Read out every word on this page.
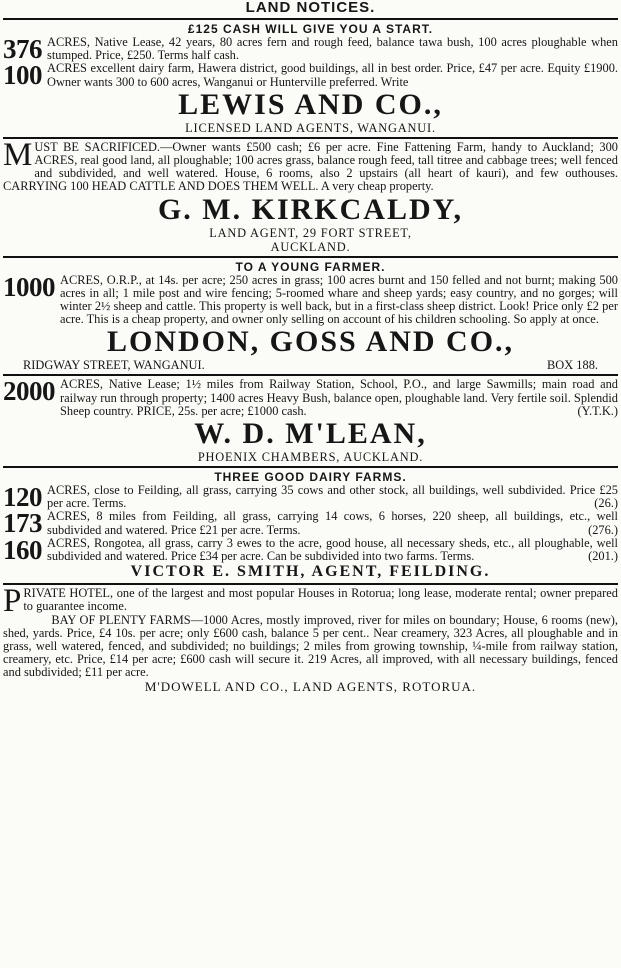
LAND NOTICES.
£125 CASH WILL GIVE YOU A START.
376 ACRES, Native Lease, 42 years, 80 acres fern and rough feed, balance tawa bush, 100 acres ploughable when stumped. Price, £250. Terms half cash.
100 ACRES excellent dairy farm, Hawera district, good buildings, all in best order. Price, £47 per acre. Equity £1900. Owner wants 300 to 600 acres, Wanganui or Hunterville preferred. Write
LEWIS AND CO.,
LICENSED LAND AGENTS, WANGANUI.
MUST BE SACRIFICED.—Owner wants £500 cash; £6 per acre. Fine Fattening Farm, handy to Auckland; 300 ACRES, real good land, all ploughable; 100 acres grass, balance rough feed, tall titree and cabbage trees; well fenced and subdivided, and well watered. House, 6 rooms, also 2 upstairs (all heart of kauri), and few outhouses. CARRYING 100 HEAD CATTLE AND DOES THEM WELL. A very cheap property.
G. M. KIRKCALDY,
LAND AGENT, 29 FORT STREET,
AUCKLAND.
TO A YOUNG FARMER.
1000 ACRES, O.R.P., at 14s. per acre; 250 acres in grass; 100 acres burnt and 150 felled and not burnt; making 500 acres in all; 1 mile post and wire fencing; 5-roomed whare and sheep yards; easy country, and no gorges; will winter 2½ sheep and cattle. This property is well back, but in a first-class sheep district. Look! Price only £2 per acre. This is a cheap property, and owner only selling on account of his children schooling. So apply at once.
LONDON, GOSS AND CO.,
RIDGWAY STREET, WANGANUI.	BOX 188.
2000 ACRES, Native Lease; 1½ miles from Railway Station, School, P.O., and large Sawmills; main road and railway run through property; 1400 acres Heavy Bush, balance open, ploughable land. Very fertile soil. Splendid Sheep country. PRICE, 25s. per acre; £1000 cash.	(Y.T.K.)
W. D. M'LEAN,
PHOENIX CHAMBERS, AUCKLAND.
THREE GOOD DAIRY FARMS.
120 ACRES, close to Feilding, all grass, carrying 35 cows and other stock, all buildings, well subdivided. Price £25 per acre. Terms.	(26.)
173 ACRES, 8 miles from Feilding, all grass, carrying 14 cows, 6 horses, 220 sheep, all buildings, etc., well subdivided and watered. Price £21 per acre. Terms.	(276.)
160 ACRES, Rongotea, all grass, carry 3 ewes to the acre, good house, all necessary sheds, etc., all ploughable, well subdivided and watered. Price £34 per acre. Can be subdivided into two farms. Terms.	(201.)
VICTOR E. SMITH, AGENT, FEILDING.
PRIVATE HOTEL, one of the largest and most popular Houses in Rotorua; long lease, moderate rental; owner prepared to guarantee income.
BAY OF PLENTY FARMS—1000 Acres, mostly improved, river for miles on boundary; House, 6 rooms (new), shed, yards. Price, £4 10s. per acre; only £600 cash, balance 5 per cent.. Near creamery, 323 Acres, all ploughable and in grass, well watered, fenced, and subdivided; no buildings; 2 miles from growing township, ¼-mile from railway station, creamery, etc. Price, £14 per acre; £600 cash will secure it. 219 Acres, all improved, with all necessary buildings, fenced and subdivided; £11 per acre.
M'DOWELL AND CO., LAND AGENTS, ROTORUA.
